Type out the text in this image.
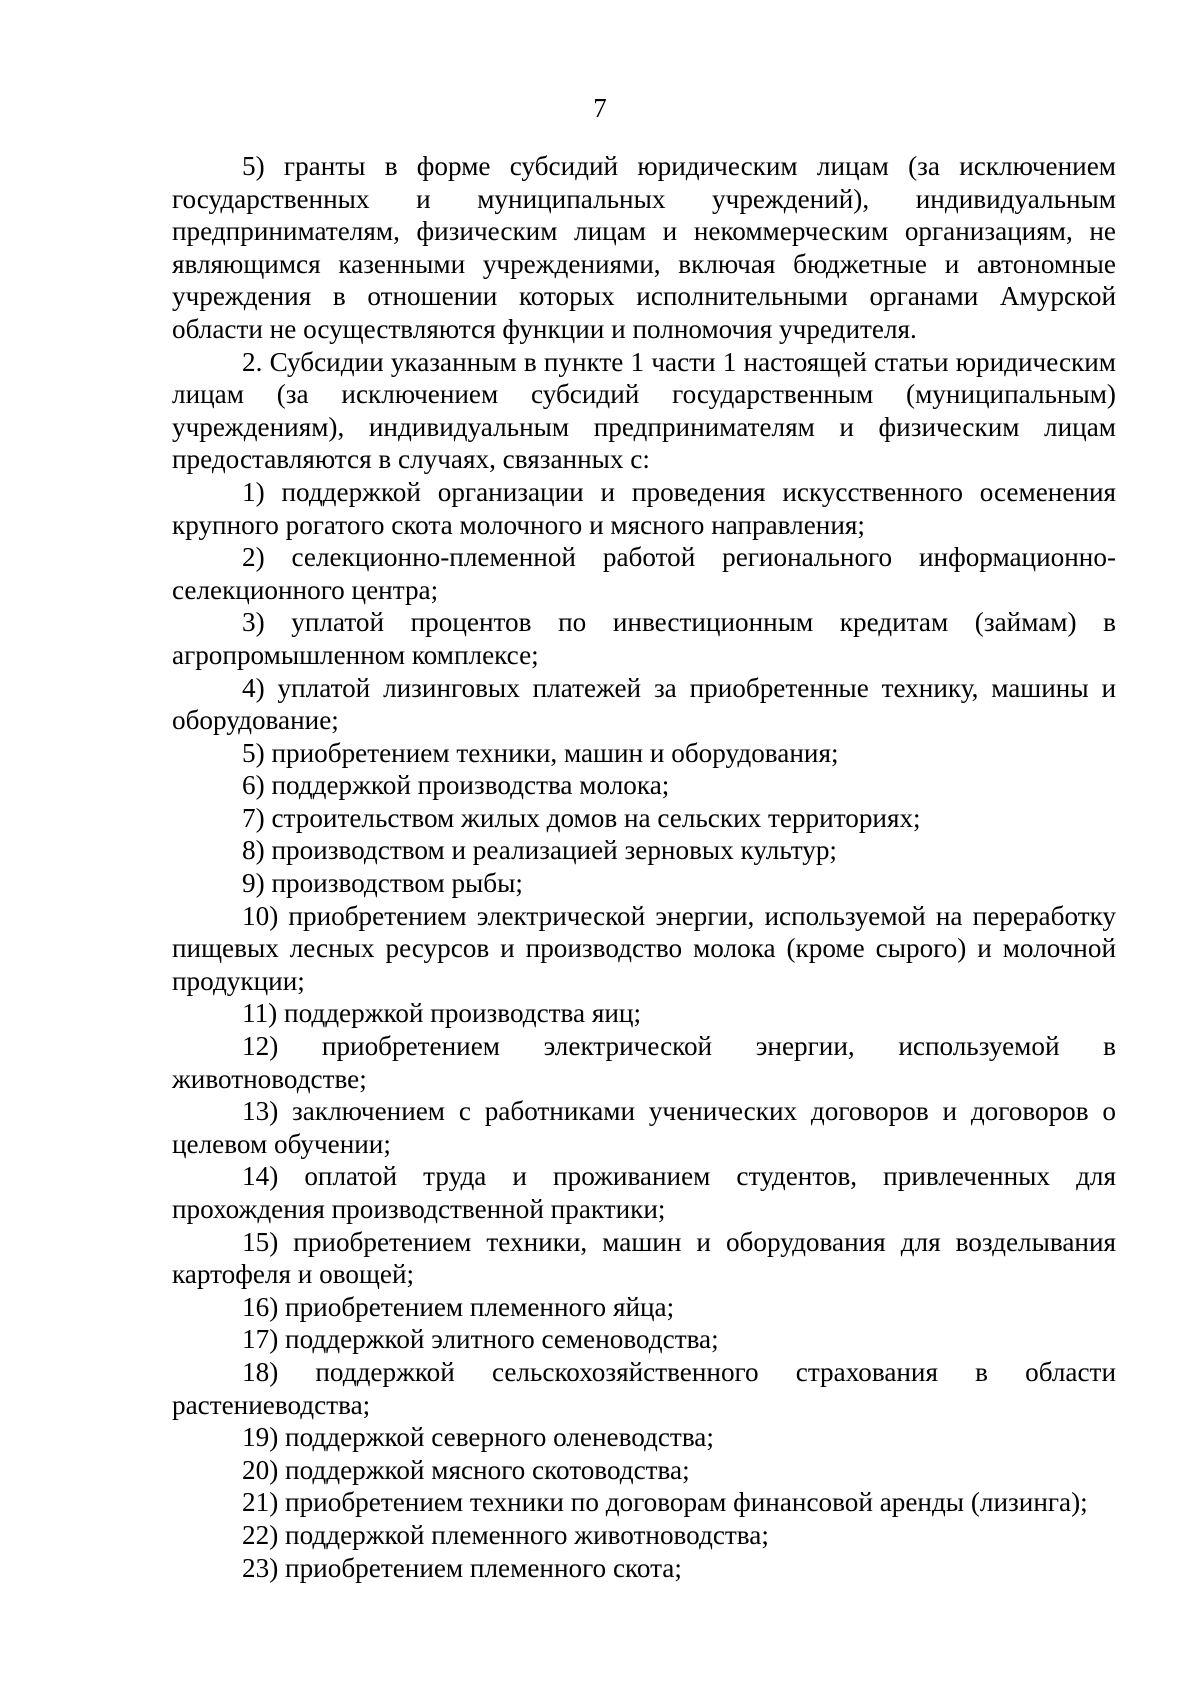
7

5) гранты в форме субсидий юридическим лицам (за исключением государственных и муниципальных учреждений), индивидуальным предпринимателям, физическим лицам и некоммерческим организациям, не являющимся казенными учреждениями, включая бюджетные и автономные учреждения в отношении которых исполнительными органами Амурской области не осуществляются функции и полномочия учредителя.

2. Субсидии указанным в пункте 1 части 1 настоящей статьи юридическим лицам (за исключением субсидий государственным (муниципальным) учреждениям), индивидуальным предпринимателям и физическим лицам предоставляются в случаях, связанных с:

1) поддержкой организации и проведения искусственного осеменения крупного рогатого скота молочного и мясного направления;

2) селекционно-племенной работой регионального информационно-селекционного центра;

3) уплатой процентов по инвестиционным кредитам (займам) в агропромышленном комплексе;

4) уплатой лизинговых платежей за приобретенные технику, машины и оборудование;

5) приобретением техники, машин и оборудования;

6) поддержкой производства молока;

7) строительством жилых домов на сельских территориях;

8) производством и реализацией зерновых культур;

9) производством рыбы;

10) приобретением электрической энергии, используемой на переработку пищевых лесных ресурсов и производство молока (кроме сырого) и молочной продукции;

11) поддержкой производства яиц;

12) приобретением электрической энергии, используемой в животноводстве;

13) заключением с работниками ученических договоров и договоров о целевом обучении;

14) оплатой труда и проживанием студентов, привлеченных для прохождения производственной практики;

15) приобретением техники, машин и оборудования для возделывания картофеля и овощей;

16) приобретением племенного яйца;

17) поддержкой элитного семеноводства;

18) поддержкой сельскохозяйственного страхования в области растениеводства;

19) поддержкой северного оленеводства;

20) поддержкой мясного скотоводства;

21) приобретением техники по договорам финансовой аренды (лизинга);

22) поддержкой племенного животноводства;

23) приобретением племенного скота;
